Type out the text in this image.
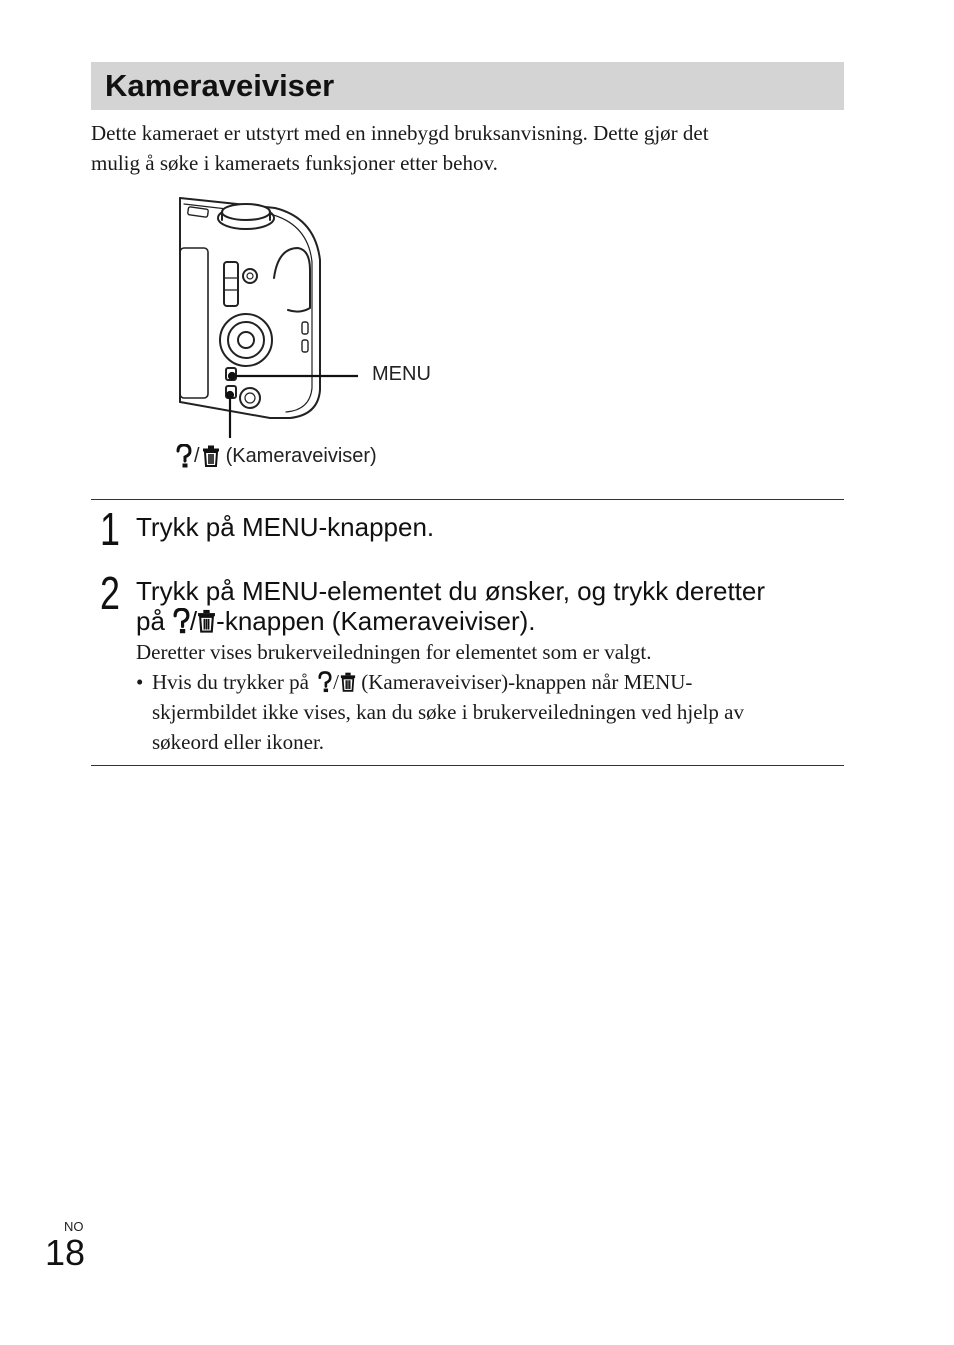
Kameraveiviser

Dette kameraet er utstyrt med en innebygd bruksanvisning. Dette gjør det

mulig å søke i kameraets funksjoner etter behov.

MENU
/ (Kameraveiviser)
1 Trykk på MENU-knappen.
2 Trykk på MENU-elementet du ønsker, og trykk deretter
på / -knappen (Kameraveiviser).

Deretter vises brukerveiledningen for elementet som er valgt.

• Hvis du trykker på / (Kameraveiviser)-knappen når MENU-
skjermbildet ikke vises, kan du søke i brukerveiledningen ved hjelp av
søkeord eller ikoner.
NO
18
